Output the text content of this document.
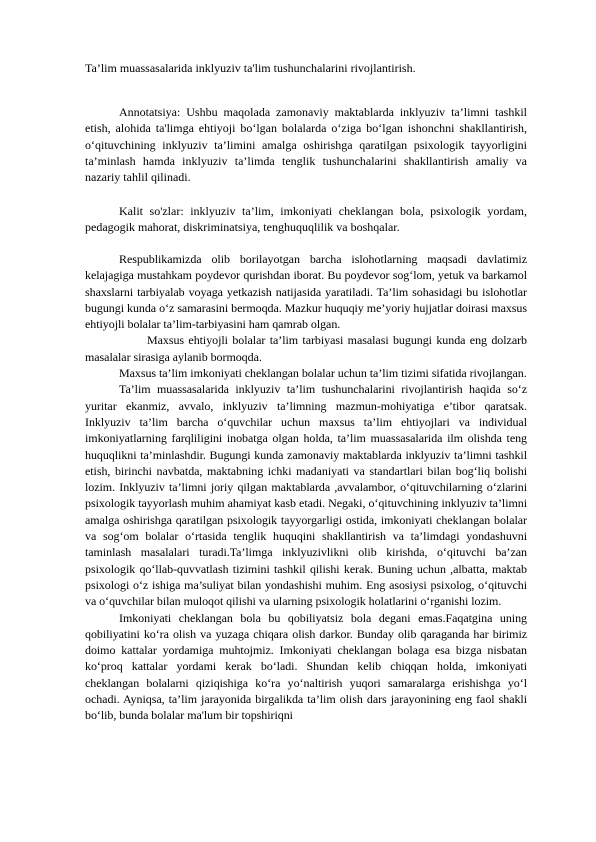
Ta’lim muassasalarida inklyuziv ta'lim tushunchalarini rivojlantirish.

Annotatsiya: Ushbu maqolada zamonaviy maktablarda inklyuziv ta’limni tashkil etish, alohida ta'limga ehtiyoji bo‘lgan bolalarda o‘ziga bo‘lgan ishonchni shakllantirish, o‘qituvchining inklyuziv ta’limini amalga oshirishga qaratilgan psixologik tayyorligini ta’minlash hamda inklyuziv ta’limda tenglik tushunchalarini shakllantirish amaliy va nazariy tahlil qilinadi.

Kalit so'zlar: inklyuziv ta’lim, imkoniyati cheklangan bola, psixologik yordam, pedagogik mahorat, diskriminatsiya, tenghuquqlilik va boshqalar.

Respublikamizda olib borilayotgan barcha islohotlarning maqsadi davlatimiz kelajagiga mustahkam poydevor qurishdan iborat. Bu poydevor sog‘lom, yetuk va barkamol shaxslarni tarbiyalab voyaga yetkazish natijasida yaratiladi. Ta’lim sohasidagi bu islohotlar bugungi kunda o‘z samarasini bermoqda. Mazkur huquqiy me’yoriy hujjatlar doirasi maxsus ehtiyojli bolalar ta’lim-tarbiyasini ham qamrab olgan.

Maxsus ehtiyojli bolalar ta’lim tarbiyasi masalasi bugungi kunda eng dolzarb masalalar sirasiga aylanib bormoqda.

Maxsus ta’lim imkoniyati cheklangan bolalar uchun ta’lim tizimi sifatida rivojlangan.

Ta’lim muassasalarida inklyuziv ta’lim tushunchalarini rivojlantirish haqida so‘z yuritar ekanmiz, avvalo, inklyuziv ta’limning mazmun-mohiyatiga e’tibor qaratsak. Inklyuziv ta’lim barcha o‘quvchilar uchun maxsus ta’lim ehtiyojlari va individual imkoniyatlarning farqliligini inobatga olgan holda, ta’lim muassasalarida ilm olishda teng huquqlikni ta’minlashdir. Bugungi kunda zamonaviy maktablarda inklyuziv ta’limni tashkil etish, birinchi navbatda, maktabning ichki madaniyati va standartlari bilan bog‘liq bolishi lozim. Inklyuziv ta’limni joriy qilgan maktablarda ,avvalambor, o‘qituvchilarning o‘zlarini psixologik tayyorlash muhim ahamiyat kasb etadi. Negaki, o‘qituvchining inklyuziv ta’limni amalga oshirishga qaratilgan psixologik tayyorgarligi ostida, imkoniyati cheklangan bolalar va sog‘om bolalar o‘rtasida tenglik huquqini shakllantirish va ta’limdagi yondashuvni taminlash masalalari turadi.Ta’limga inklyuzivlikni olib kirishda, o‘qituvchi ba’zan psixologik qo‘llab-quvvatlash tizimini tashkil qilishi kerak. Buning uchun ,albatta, maktab psixologi o‘z ishiga ma’suliyat bilan yondashishi muhim. Eng asosiysi psixolog, o‘qituvchi va o‘quvchilar bilan muloqot qilishi va ularning psixologik holatlarini o‘rganishi lozim.

Imkoniyati cheklangan bola bu qobiliyatsiz bola degani emas.Faqatgina uning qobiliyatini ko‘ra olish va yuzaga chiqara olish darkor. Bunday olib qaraganda har birimiz doimo kattalar yordamiga muhtojmiz. Imkoniyati cheklangan bolaga esa bizga nisbatan ko‘proq kattalar yordami kerak bo‘ladi. Shundan kelib chiqqan holda, imkoniyati cheklangan bolalarni qiziqishiga ko‘ra yo‘naltirish yuqori samaralarga erishishga yo‘l ochadi. Ayniqsa, ta’lim jarayonida birgalikda ta’lim olish dars jarayonining eng faol shakli bo‘lib, bunda bolalar ma'lum bir topshiriqni
